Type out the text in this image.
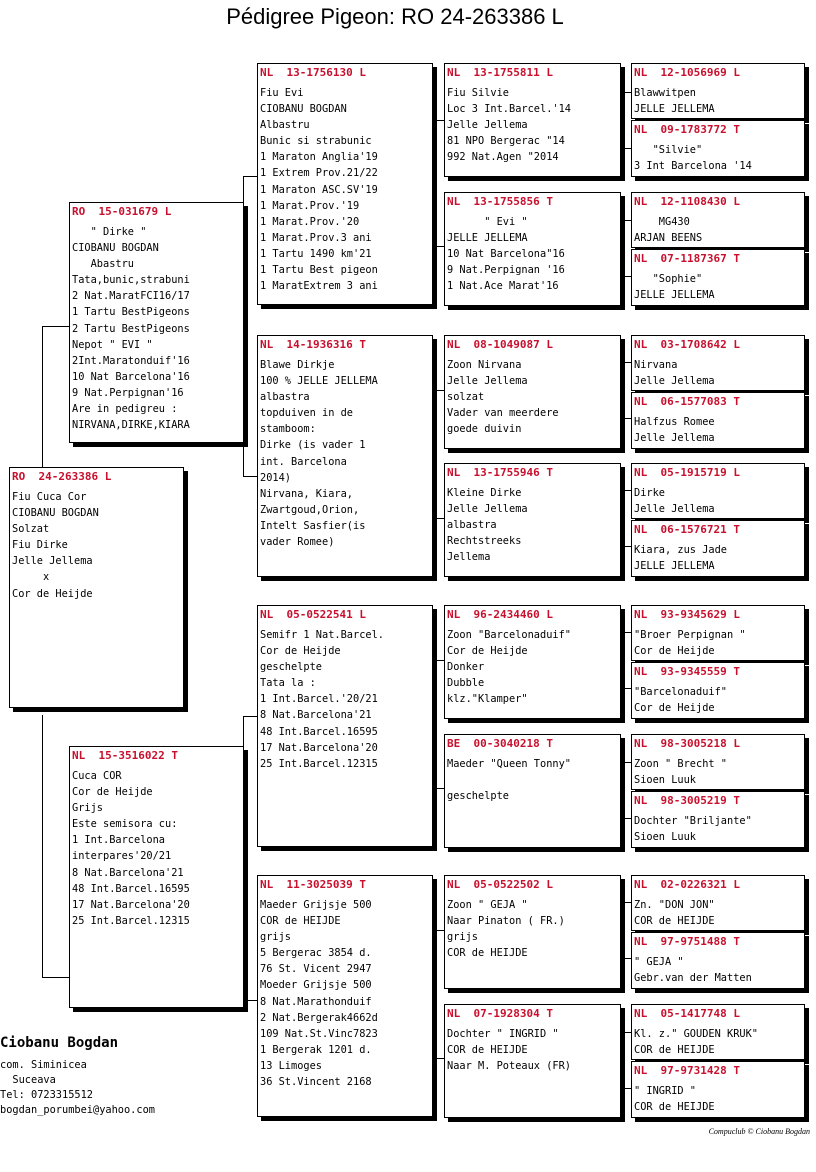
Pédigree Pigeon: RO 24-263386 L
RO  24-263386 L
Fiu Cuca Cor
CIOBANU BOGDAN
Solzat
Fiu Dirke
Jelle Jellema
x
Cor de Heijde
RO  15-031679 L
" Dirke "
CIOBANU BOGDAN
Abastru
Tata,bunic,strabuni
2 Nat.MaratFCI16/17
1 Tartu BestPigeons
2 Tartu BestPigeons
Nepot " EVI "
2Int.Maratonduif'16
10 Nat Barcelona'16
9 Nat.Perpignan'16
Are in pedigreu :
NIRVANA,DIRKE,KIARA
NL  15-3516022 T
Cuca COR
Cor de Heijde
Grijs
Este semisora cu:
1 Int.Barcelona
interpares'20/21
8 Nat.Barcelona'21
48 Int.Barcel.16595
17 Nat.Barcelona'20
25 Int.Barcel.12315
NL  13-1756130 L
Fiu Evi
CIOBANU BOGDAN
Albastru
Bunic si strabunic
1 Maraton Anglia'19
1 Extrem Prov.21/22
1 Maraton ASC.SV'19
1 Marat.Prov.'19
1 Marat.Prov.'20
1 Marat.Prov.3 ani
1 Tartu 1490 km'21
1 Tartu Best pigeon
1 MaratExtrem 3 ani
NL  14-1936316 T
Blawe Dirkje
100 % JELLE JELLEMA
albastra
topduiven in de
stamboom:
Dirke (is vader 1
int. Barcelona
2014)
Nirvana, Kiara,
Zwartgoud,Orion,
Intelt Sasfier(is
vader Romee)
NL  05-0522541 L
Semifr 1 Nat.Barcel.
Cor de Heijde
geschelpte
Tata la :
1 Int.Barcel.'20/21
8 Nat.Barcelona'21
48 Int.Barcel.16595
17 Nat.Barcelona'20
25 Int.Barcel.12315
NL  11-3025039 T
Maeder Grijsje 500
COR de HEIJDE
grijs
5 Bergerac 3854 d.
76 St. Vicent 2947
Moeder Grijsje 500
8 Nat.Marathonduif
2 Nat.Bergerak4662d
109 Nat.St.Vinc7823
1 Bergerak 1201 d.
13 Limoges
36 St.Vincent 2168
NL  13-1755811 L
Fiu Silvie
Loc 3 Int.Barcel.'14
Jelle Jellema
81 NPO Bergerac "14
992 Nat.Agen "2014
NL  13-1755856 T
" Evi "
JELLE JELLEMA
10 Nat Barcelona"16
9 Nat.Perpignan '16
1 Nat.Ace Marat'16
NL  08-1049087 L
Zoon Nirvana
Jelle Jellema
solzat
Vader van meerdere
goede duivin
NL  13-1755946 T
Kleine Dirke
Jelle Jellema
albastra
Rechtstreeks
Jellema
NL  96-2434460 L
Zoon "Barcelonaduif"
Cor de Heijde
Donker
Dubble
klz."Klamper"
BE  00-3040218 T
Maeder "Queen Tonny"

geschelpte
NL  05-0522502 L
Zoon " GEJA "
Naar Pinaton ( FR.)
grijs
COR de HEIJDE
NL  07-1928304 T
Dochter " INGRID "
COR de HEIJDE
Naar M. Poteaux (FR)
NL  12-1056969 L
Blawwitpen
JELLE JELLEMA
NL  09-1783772 T
"Silvie"
3 Int Barcelona '14
NL  12-1108430 L
MG430
ARJAN BEENS
NL  07-1187367 T
"Sophie"
JELLE JELLEMA
NL  03-1708642 L
Nirvana
Jelle Jellema
NL  06-1577083 T
Halfzus Romee
Jelle Jellema
NL  05-1915719 L
Dirke
Jelle Jellema
NL  06-1576721 T
Kiara, zus Jade
JELLE JELLEMA
NL  93-9345629 L
"Broer Perpignan "
Cor de Heijde
NL  93-9345559 T
"Barcelonaduif"
Cor de Heijde
NL  98-3005218 L
Zoon " Brecht "
Sioen Luuk
NL  98-3005219 T
Dochter "Briljante"
Sioen Luuk
NL  02-0226321 L
Zn. "DON JON"
COR de HEIJDE
NL  97-9751488 T
" GEJA "
Gebr.van der Matten
NL  05-1417748 L
Kl. z." GOUDEN KRUK"
COR de HEIJDE
NL  97-9731428 T
" INGRID "
COR de HEIJDE
Ciobanu Bogdan
com. Siminicea
Suceava
Tel: 0723315512
bogdan_porumbei@yahoo.com
Compuclub © Ciobanu Bogdan
